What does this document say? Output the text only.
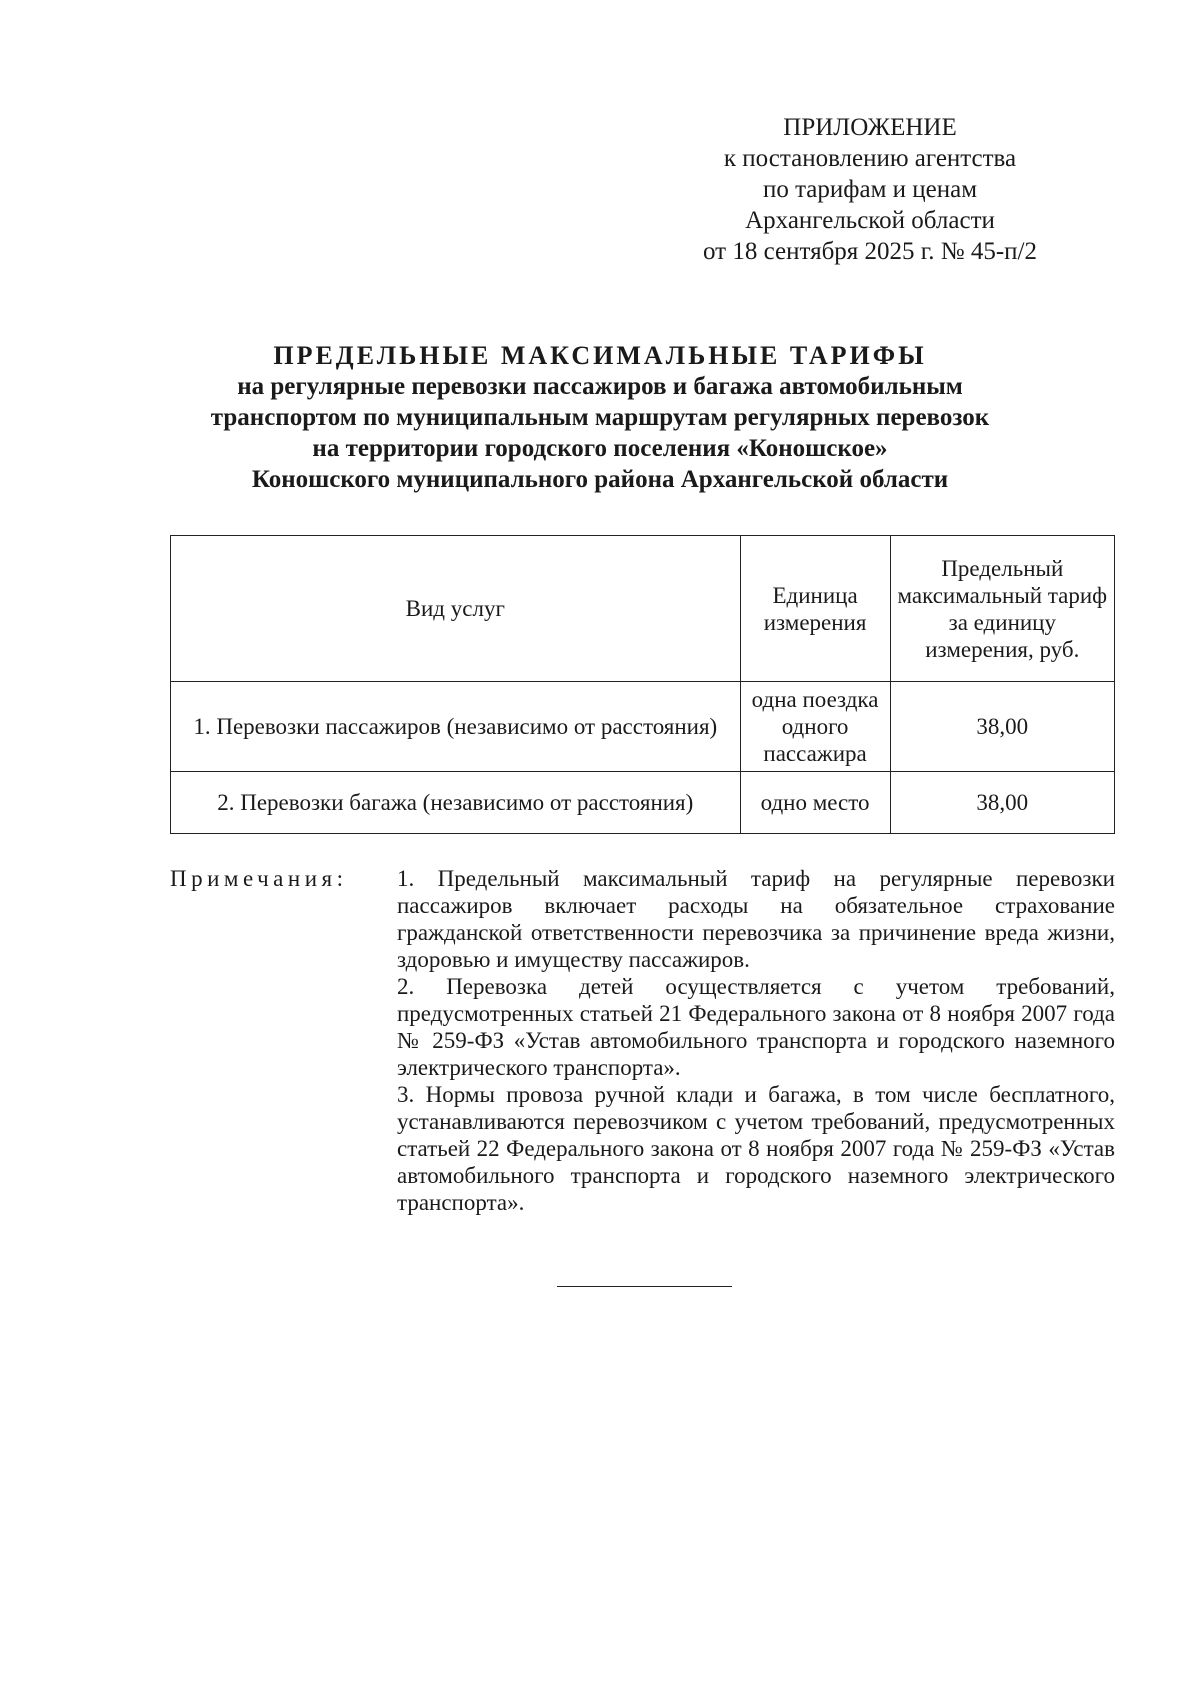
ПРИЛОЖЕНИЕ
к постановлению агентства
по тарифам и ценам
Архангельской области
от 18 сентября 2025 г. № 45-п/2
ПРЕДЕЛЬНЫЕ МАКСИМАЛЬНЫЕ ТАРИФЫ
на регулярные перевозки пассажиров и багажа автомобильным
транспортом по муниципальным маршрутам регулярных перевозок
на территории городского поселения «Коношское»
Коношского муниципального района Архангельской области
Вид услуг	Единица измерения	Предельный максимальный тариф за единицу измерения, руб.
1. Перевозки пассажиров (независимо от расстояния)	одна поездка одного пассажира	38,00
2. Перевозки багажа (независимо от расстояния)	одно место	38,00
Примечания: 1. Предельный максимальный тариф на регулярные перевозки пассажиров включает расходы на обязательное страхование гражданской ответственности перевозчика за причинение вреда жизни, здоровью и имуществу пассажиров.

2. Перевозка детей осуществляется с учетом требований, предусмотренных статьей 21 Федерального закона от 8 ноября 2007 года № 259-ФЗ «Устав автомобильного транспорта и городского наземного электрического транспорта».

3. Нормы провоза ручной клади и багажа, в том числе бесплатного, устанавливаются перевозчиком с учетом требований, предусмотренных статьей 22 Федерального закона от 8 ноября 2007 года № 259-ФЗ «Устав автомобильного транспорта и городского наземного электрического транспорта».
